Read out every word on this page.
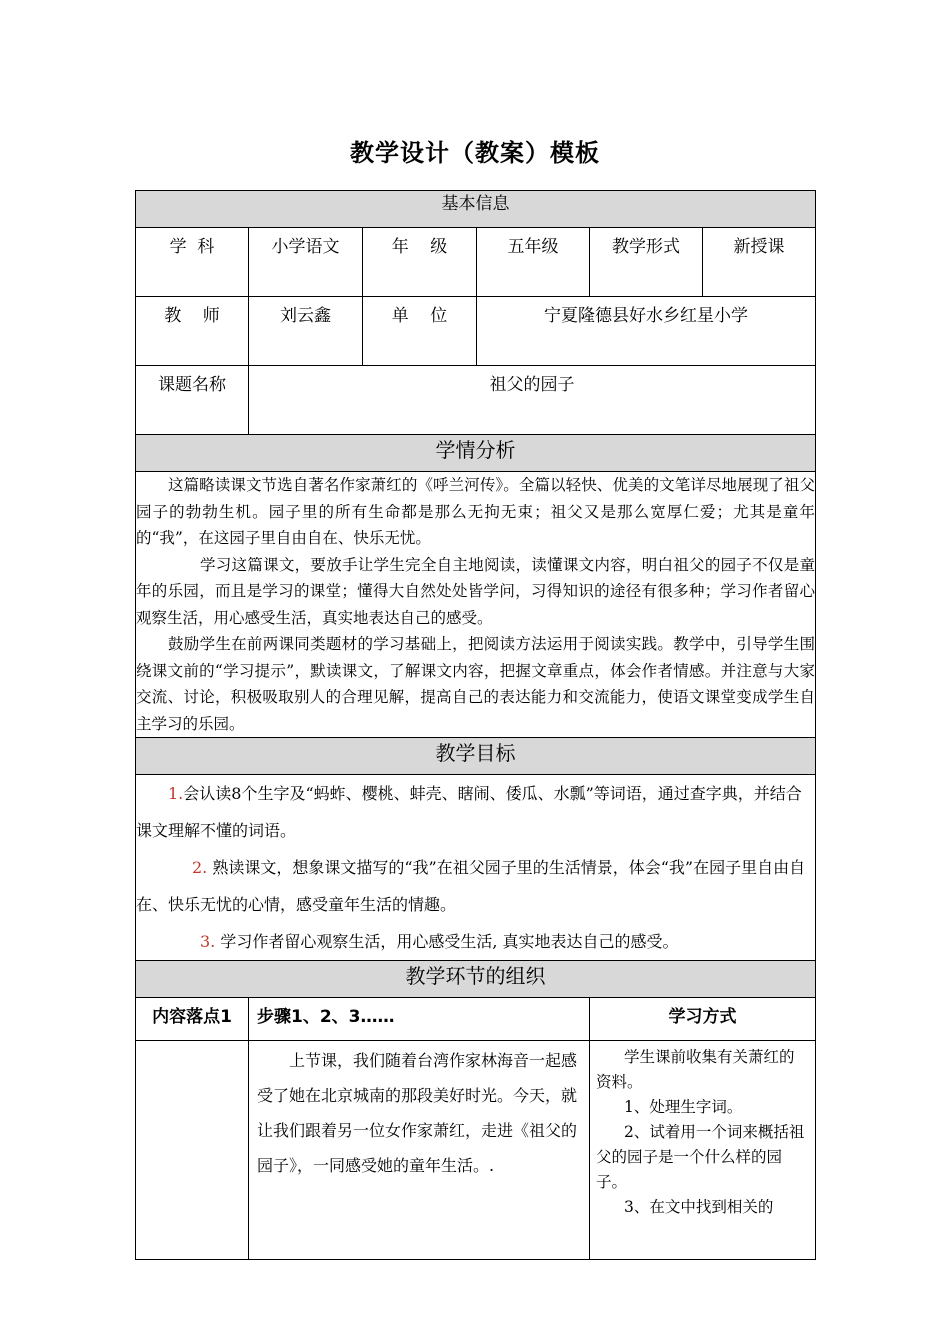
教学设计（教案）模板
基本信息					

学  科	小学语文	年    级	五年级	教学形式	新授课

教    师	刘云鑫	单    位	宁夏隆德县好水乡红星小学		

课题名称	祖父的园子				

学情分析					

这篇略读课文节选自著名作家萧红的《呼兰河传》。全篇以轻快、优美的文笔详尽地展现了祖父园子的勃勃生机。园子里的所有生命都是那么无拘无束；祖父又是那么宽厚仁爱；尤其是童年的“我”，在这园子里自由自在、快乐无忧。

学习这篇课文，要放手让学生完全自主地阅读，读懂课文内容，明白祖父的园子不仅是童年的乐园，而且是学习的课堂；懂得大自然处处皆学问，习得知识的途径有很多种；学习作者留心观察生活，用心感受生活，真实地表达自己的感受。

鼓励学生在前两课同类题材的学习基础上，把阅读方法运用于阅读实践。教学中，引导学生围绕课文前的“学习提示”，默读课文，了解课文内容，把握文章重点，体会作者情感。并注意与大家交流、讨论，积极吸取别人的合理见解，提高自己的表达能力和交流能力，使语文课堂变成学生自主学习的乐园。					

教学目标					

1.会认读8个生字及“蚂蚱、樱桃、蚌壳、瞎闹、倭瓜、水瓢”等词语，通过查字典，并结合课文理解不懂的词语。

2. 熟读课文，想象课文描写的“我”在祖父园子里的生活情景，体会“我”在园子里自由自在、快乐无忧的心情，感受童年生活的情趣。

3. 学习作者留心观察生活，用心感受生活, 真实地表达自己的感受。					

教学环节的组织					
内容落点1	步骤1、2、3……			学习方式	
	上节课，我们随着台湾作家林海音一起感受了她在北京城南的那段美好时光。今天，就让我们跟着另一位女作家萧红，走进《祖父的园子》，一同感受她的童年生活。.			学生课前收集有关萧红的资料。

1、处理生字词。

2、试着用一个词来概括祖父的园子是一个什么样的园子。

3、在文中找到相关的	
